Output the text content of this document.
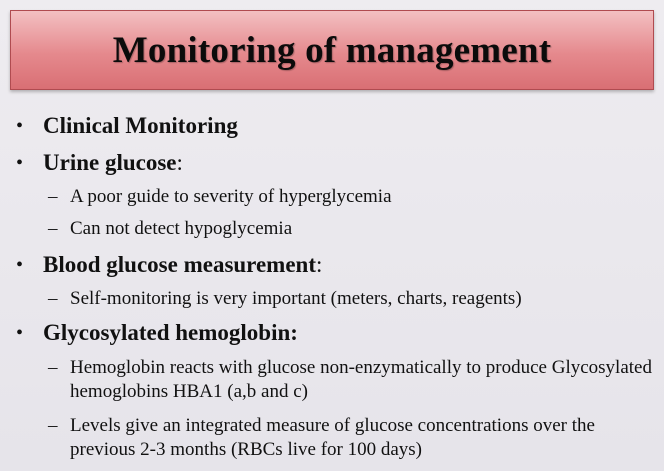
Monitoring of management
• Clinical Monitoring
• Urine glucose:
– A poor guide to severity of hyperglycemia
– Can not detect hypoglycemia
• Blood glucose measurement:
– Self-monitoring is very important (meters, charts, reagents)
• Glycosylated hemoglobin:
– Hemoglobin reacts with glucose non-enzymatically to produce Glycosylated hemoglobins HBA1 (a,b and c)
– Levels give an integrated measure of glucose concentrations over the previous 2-3 months (RBCs live for 100 days)
